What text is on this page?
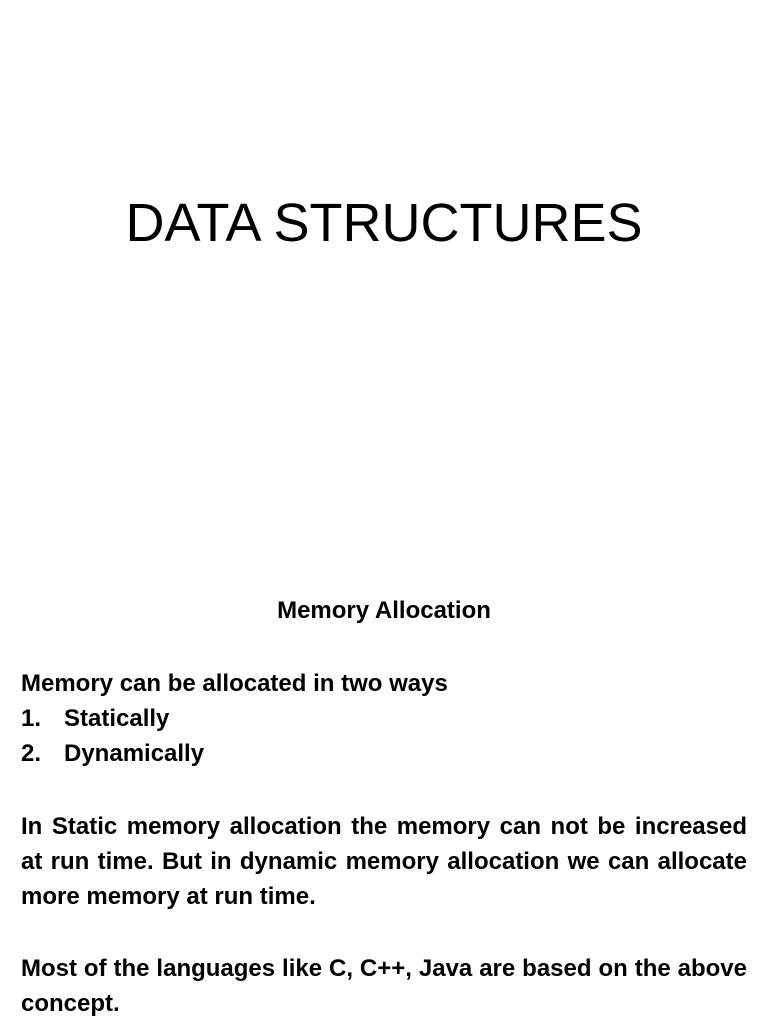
DATA STRUCTURES
Memory Allocation
Memory can be allocated in two ways
1. Statically
2. Dynamically
In Static memory allocation the memory can not be increased at run time. But in dynamic memory allocation we can allocate more memory at run time.
Most of the languages like C, C++, Java are based on the above concept.
